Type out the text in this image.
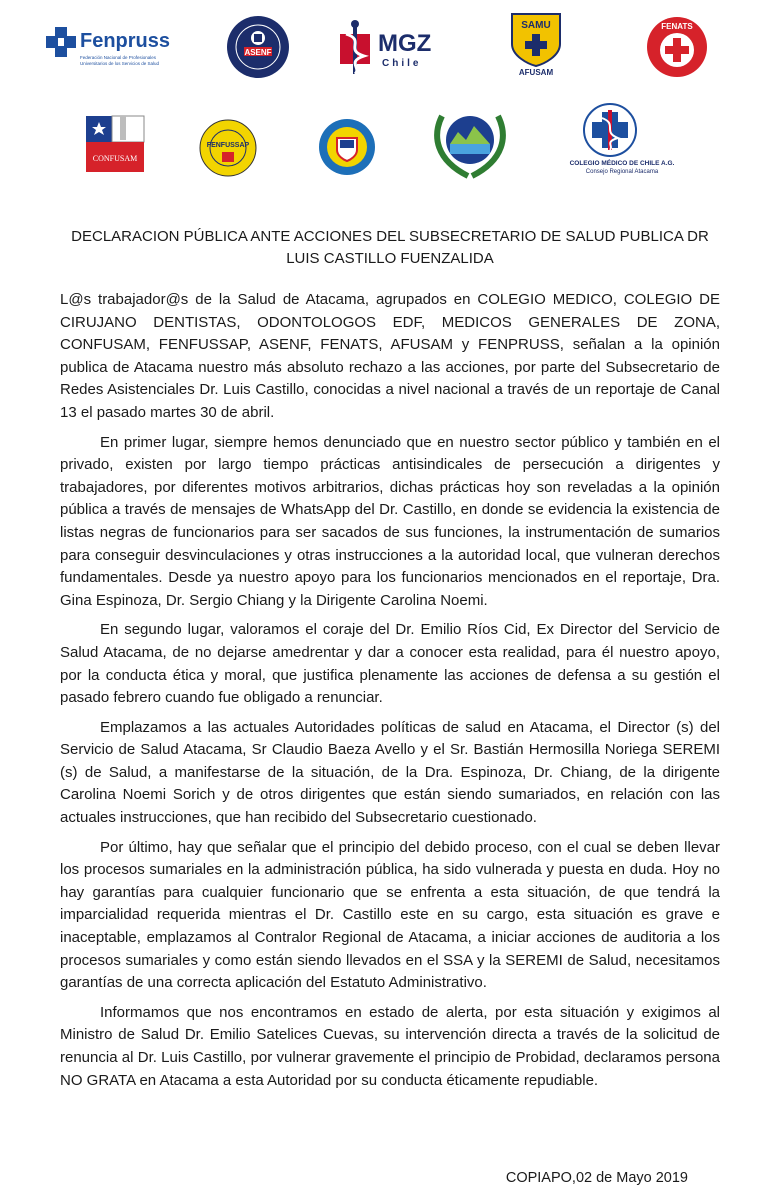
Fenpruss
Federación Nacional de Profesionales
Universitarios de los Servicios de Salud
ASENF	MGZ
Chile
SAMU
AFUSAM
FENATS
CONFUSAM
FENFUSSAP
COLEGIO MÉDICO DE CHILE A.G.
Consejo Regional Atacama
DECLARACION PÚBLICA ANTE ACCIONES DEL SUBSECRETARIO DE SALUD PUBLICA DR LUIS CASTILLO FUENZALIDA

L@s trabajador@s de la Salud de Atacama, agrupados en COLEGIO MEDICO, COLEGIO DE CIRUJANO DENTISTAS, ODONTOLOGOS EDF, MEDICOS GENERALES DE ZONA, CONFUSAM, FENFUSSAP, ASENF, FENATS, AFUSAM y FENPRUSS, señalan a la opinión publica de Atacama nuestro más absoluto rechazo a las acciones, por parte del Subsecretario de Redes Asistenciales Dr. Luis Castillo, conocidas a nivel nacional a través de un reportaje de Canal 13 el pasado martes 30 de abril.

En primer lugar, siempre hemos denunciado que en nuestro sector público y también en el privado, existen por largo tiempo prácticas antisindicales de persecución a dirigentes y trabajadores, por diferentes motivos arbitrarios, dichas prácticas hoy son reveladas a la opinión pública a través de mensajes de WhatsApp del Dr. Castillo, en donde se evidencia la existencia de listas negras de funcionarios para ser sacados de sus funciones, la instrumentación de sumarios para conseguir desvinculaciones y otras instrucciones a la autoridad local, que vulneran derechos fundamentales. Desde ya nuestro apoyo para los funcionarios mencionados en el reportaje, Dra. Gina Espinoza, Dr. Sergio Chiang y la Dirigente Carolina Noemi.

En segundo lugar, valoramos el coraje del Dr. Emilio Ríos Cid, Ex Director del Servicio de Salud Atacama, de no dejarse amedrentar y dar a conocer esta realidad, para él nuestro apoyo, por la conducta ética y moral, que justifica plenamente las acciones de defensa a su gestión el pasado febrero cuando fue obligado a renunciar.

Emplazamos a las actuales Autoridades políticas de salud en Atacama, el Director (s) del Servicio de Salud Atacama, Sr Claudio Baeza Avello y el Sr. Bastián Hermosilla Noriega SEREMI (s) de Salud, a manifestarse de la situación, de la Dra. Espinoza, Dr. Chiang, de la dirigente Carolina Noemi Sorich y de otros dirigentes que están siendo sumariados, en relación con las actuales instrucciones, que han recibido del Subsecretario cuestionado.

Por último, hay que señalar que el principio del debido proceso, con el cual se deben llevar los procesos sumariales en la administración pública, ha sido vulnerada y puesta en duda. Hoy no hay garantías para cualquier funcionario que se enfrenta a esta situación, de que tendrá la imparcialidad requerida mientras el Dr. Castillo este en su cargo, esta situación es grave e inaceptable, emplazamos al Contralor Regional de Atacama, a iniciar acciones de auditoria a los procesos sumariales y como están siendo llevados en el SSA y la SEREMI de Salud, necesitamos garantías de una correcta aplicación del Estatuto Administrativo.

Informamos que nos encontramos en estado de alerta, por esta situación y exigimos al Ministro de Salud Dr. Emilio Satelices Cuevas, su intervención directa a través de la solicitud de renuncia al Dr. Luis Castillo, por vulnerar gravemente el principio de Probidad, declaramos persona NO GRATA en Atacama a esta Autoridad por su conducta éticamente repudiable.

COPIAPO,02 de Mayo 2019
